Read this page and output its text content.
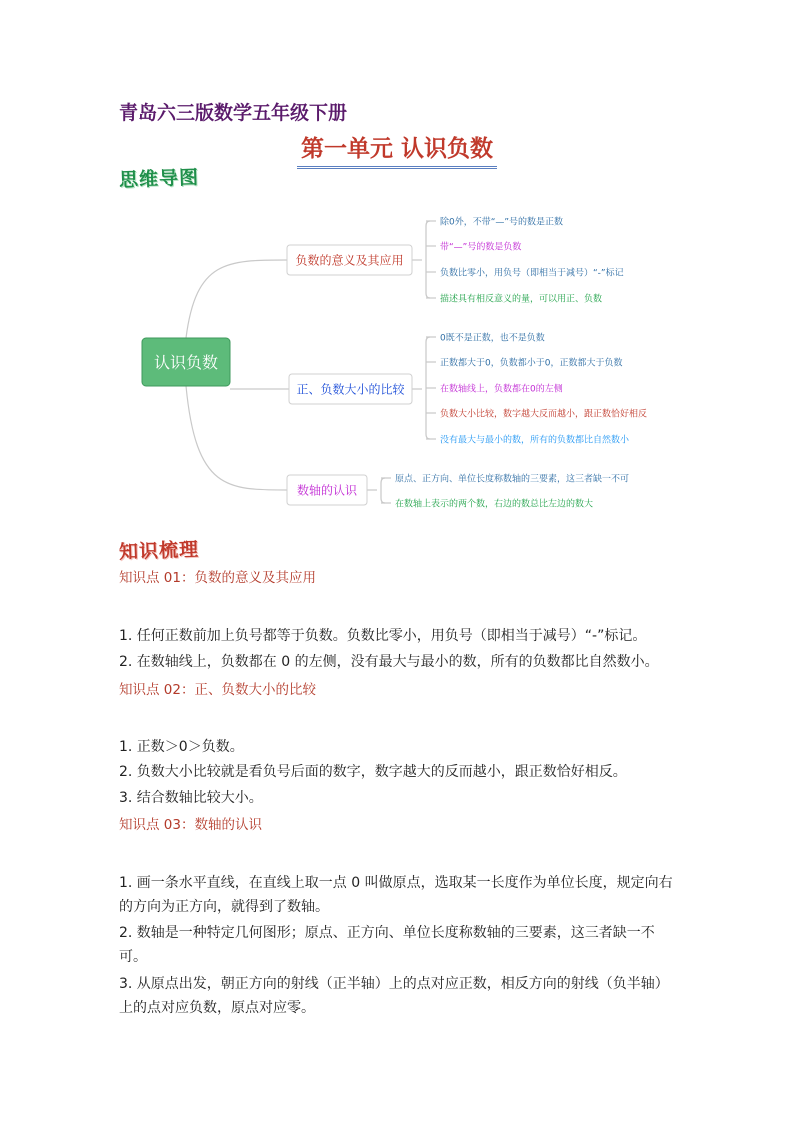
青岛六三版数学五年级下册
第一单元 认识负数
思维导图
认识负数
负数的意义及其应用
除0外，不带“—”号的数是正数
带“—”号的数是负数
负数比零小，用负号（即相当于减号）“-”标记
描述具有相反意义的量，可以用正、负数
正、负数大小的比较
0既不是正数，也不是负数
正数都大于0，负数都小于0，正数都大于负数
在数轴线上，负数都在0的左侧
负数大小比较，数字越大反而越小，跟正数恰好相反
没有最大与最小的数，所有的负数都比自然数小
数轴的认识
原点、正方向、单位长度称数轴的三要素，这三者缺一不可
在数轴上表示的两个数，右边的数总比左边的数大
知识梳理
知识点 01：负数的意义及其应用
1. 任何正数前加上负号都等于负数。负数比零小，用负号（即相当于减号）“-”标记。
2. 在数轴线上，负数都在 0 的左侧，没有最大与最小的数，所有的负数都比自然数小。
知识点 02：正、负数大小的比较
1. 正数＞0＞负数。
2. 负数大小比较就是看负号后面的数字，数字越大的反而越小，跟正数恰好相反。
3. 结合数轴比较大小。
知识点 03：数轴的认识
1. 画一条水平直线，在直线上取一点 0 叫做原点，选取某一长度作为单位长度，规定向右的方向为正方向，就得到了数轴。
2. 数轴是一种特定几何图形；原点、正方向、单位长度称数轴的三要素，这三者缺一不可。
3. 从原点出发，朝正方向的射线（正半轴）上的点对应正数，相反方向的射线（负半轴）上的点对应负数，原点对应零。
